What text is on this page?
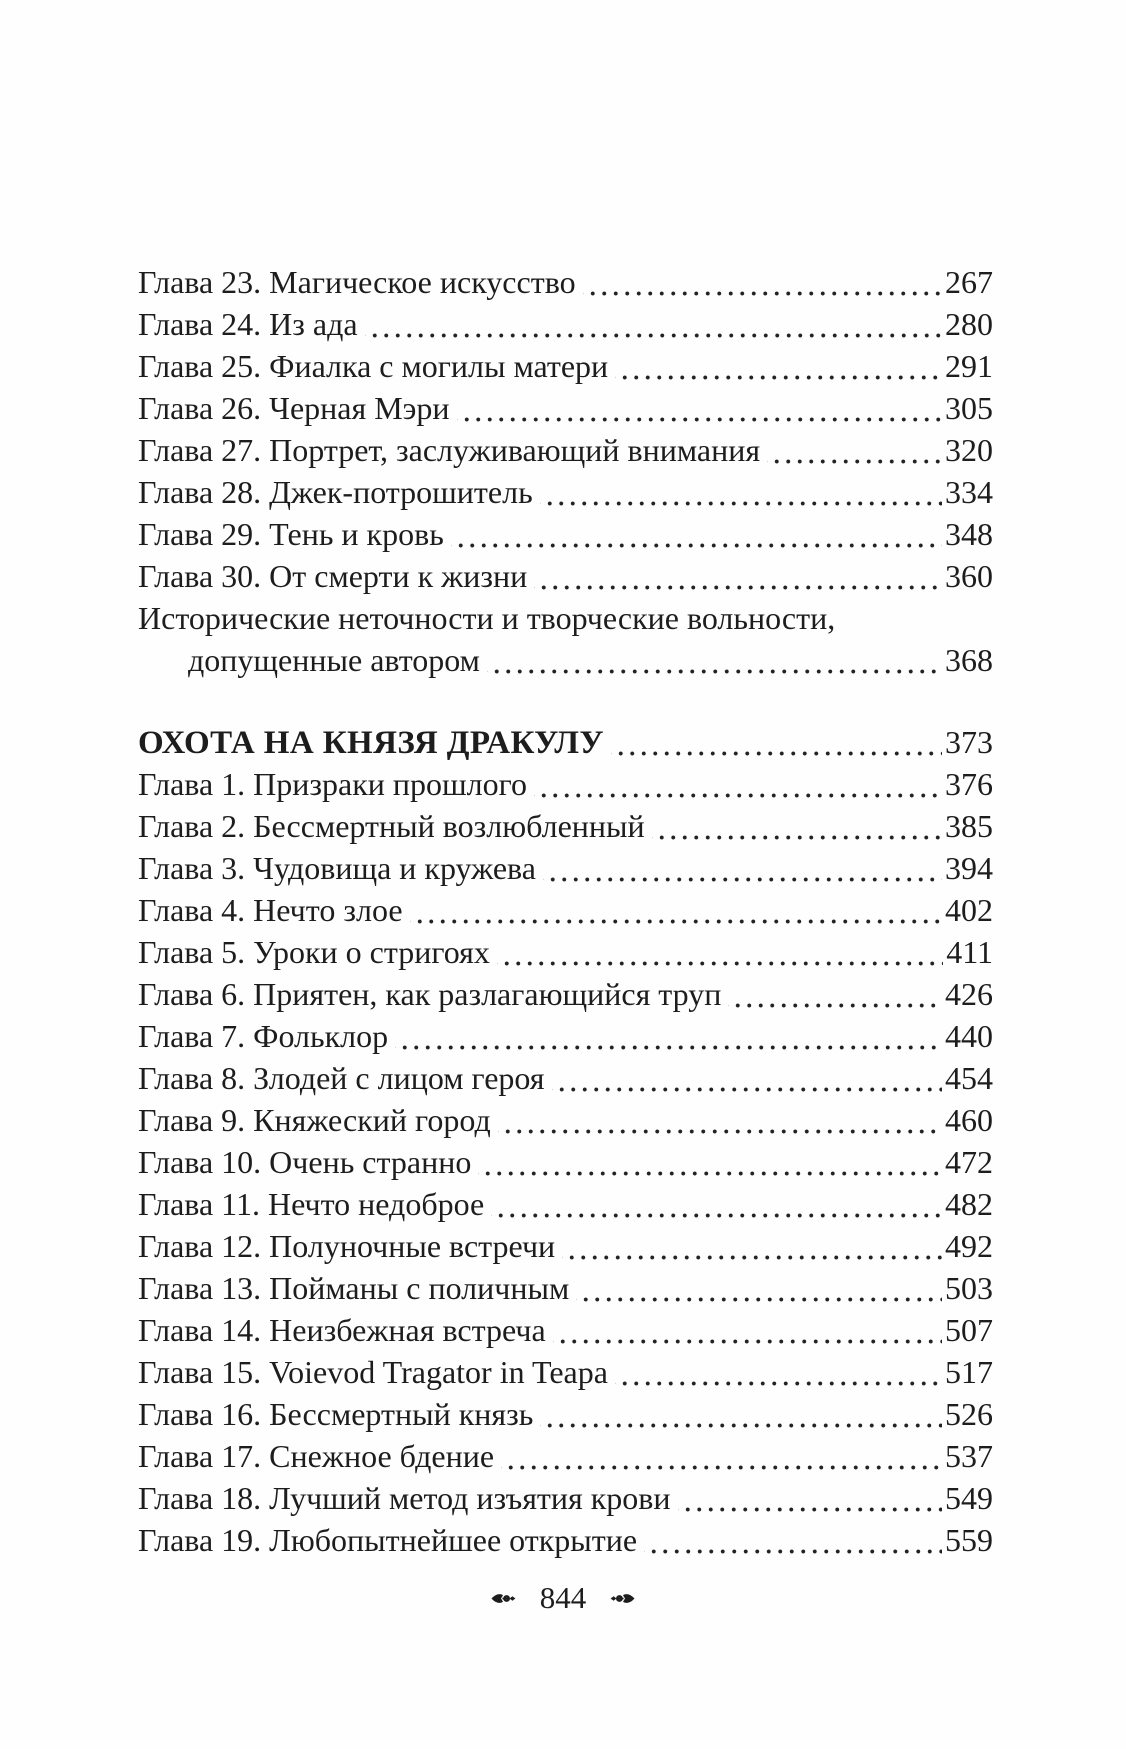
Глава 23. Магическое искусство	267
Глава 24. Из ада	280
Глава 25. Фиалка с могилы матери	291
Глава 26. Черная Мэри	305
Глава 27. Портрет, заслуживающий внимания	320
Глава 28. Джек-потрошитель	334
Глава 29. Тень и кровь	348
Глава 30. От смерти к жизни	360
Исторические неточности и творческие вольности,
допущенные автором	368
ОХОТА НА КНЯЗЯ ДРАКУЛУ	373
Глава 1. Призраки прошлого	376
Глава 2. Бессмертный возлюбленный	385
Глава 3. Чудовища и кружева	394
Глава 4. Нечто злое	402
Глава 5. Уроки о стригоях	411
Глава 6. Приятен, как разлагающийся труп	426
Глава 7. Фольклор	440
Глава 8. Злодей с лицом героя	454
Глава 9. Княжеский город	460
Глава 10. Очень странно	472
Глава 11. Нечто недоброе	482
Глава 12. Полуночные встречи	492
Глава 13. Пойманы с поличным	503
Глава 14. Неизбежная встреча	507
Глава 15. Voievod Tragator in Teapa	517
Глава 16. Бессмертный князь	526
Глава 17. Снежное бдение	537
Глава 18. Лучший метод изъятия крови	549
Глава 19. Любопытнейшее открытие	559
844
